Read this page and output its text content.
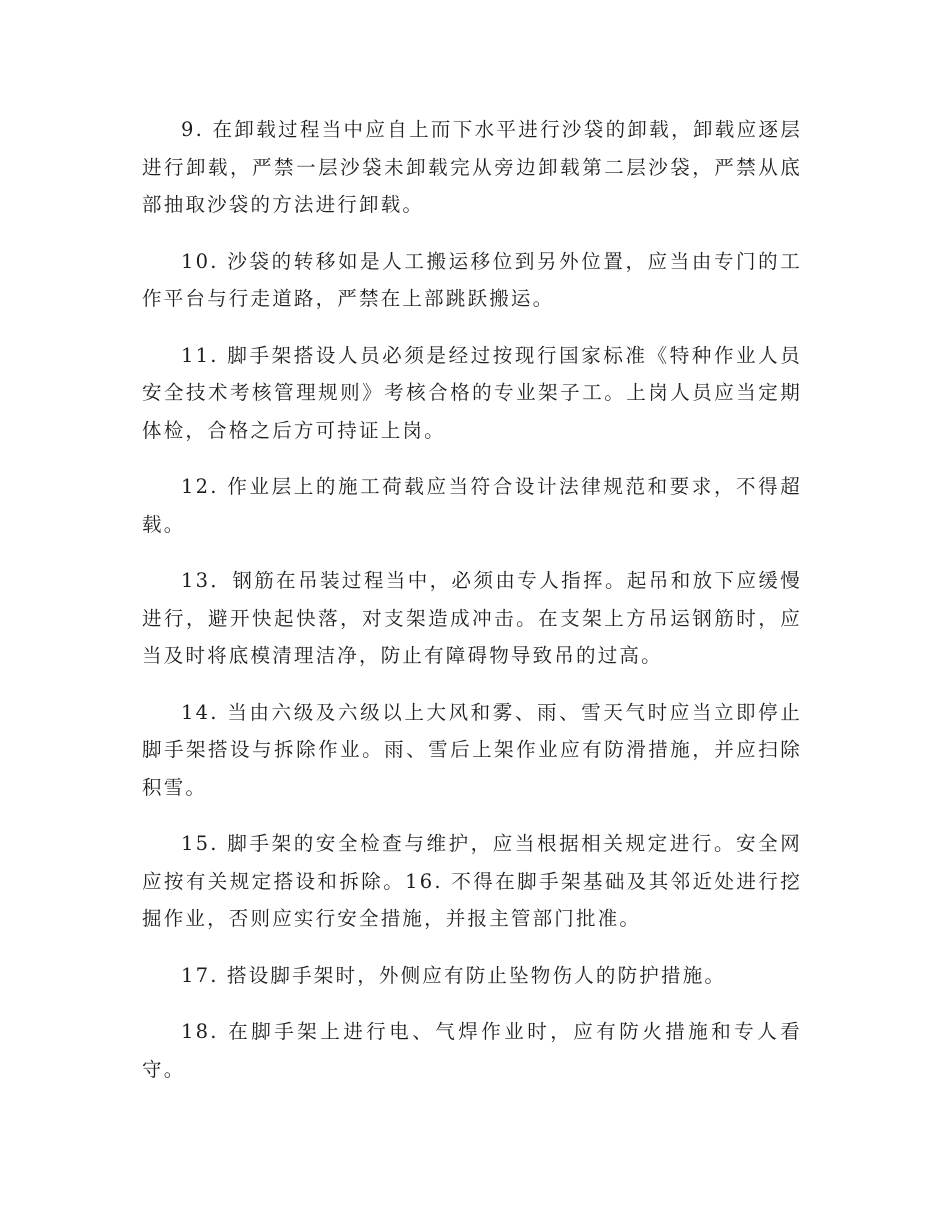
9. 在卸载过程当中应自上而下水平进行沙袋的卸载，卸载应逐层进行卸载，严禁一层沙袋未卸载完从旁边卸载第二层沙袋，严禁从底部抽取沙袋的方法进行卸载。

10. 沙袋的转移如是人工搬运移位到另外位置，应当由专门的工作平台与行走道路，严禁在上部跳跃搬运。

11. 脚手架搭设人员必须是经过按现行国家标准《特种作业人员安全技术考核管理规则》考核合格的专业架子工。上岗人员应当定期体检，合格之后方可持证上岗。

12. 作业层上的施工荷载应当符合设计法律规范和要求，不得超载。

13．钢筋在吊装过程当中，必须由专人指挥。起吊和放下应缓慢进行，避开快起快落，对支架造成冲击。在支架上方吊运钢筋时，应当及时将底模清理洁净，防止有障碍物导致吊的过高。

14. 当由六级及六级以上大风和雾、雨、雪天气时应当立即停止脚手架搭设与拆除作业。雨、雪后上架作业应有防滑措施，并应扫除积雪。

15. 脚手架的安全检查与维护，应当根据相关规定进行。安全网应按有关规定搭设和拆除。16. 不得在脚手架基础及其邻近处进行挖掘作业，否则应实行安全措施，并报主管部门批准。

17. 搭设脚手架时，外侧应有防止坠物伤人的防护措施。

18. 在脚手架上进行电、气焊作业时，应有防火措施和专人看守。
